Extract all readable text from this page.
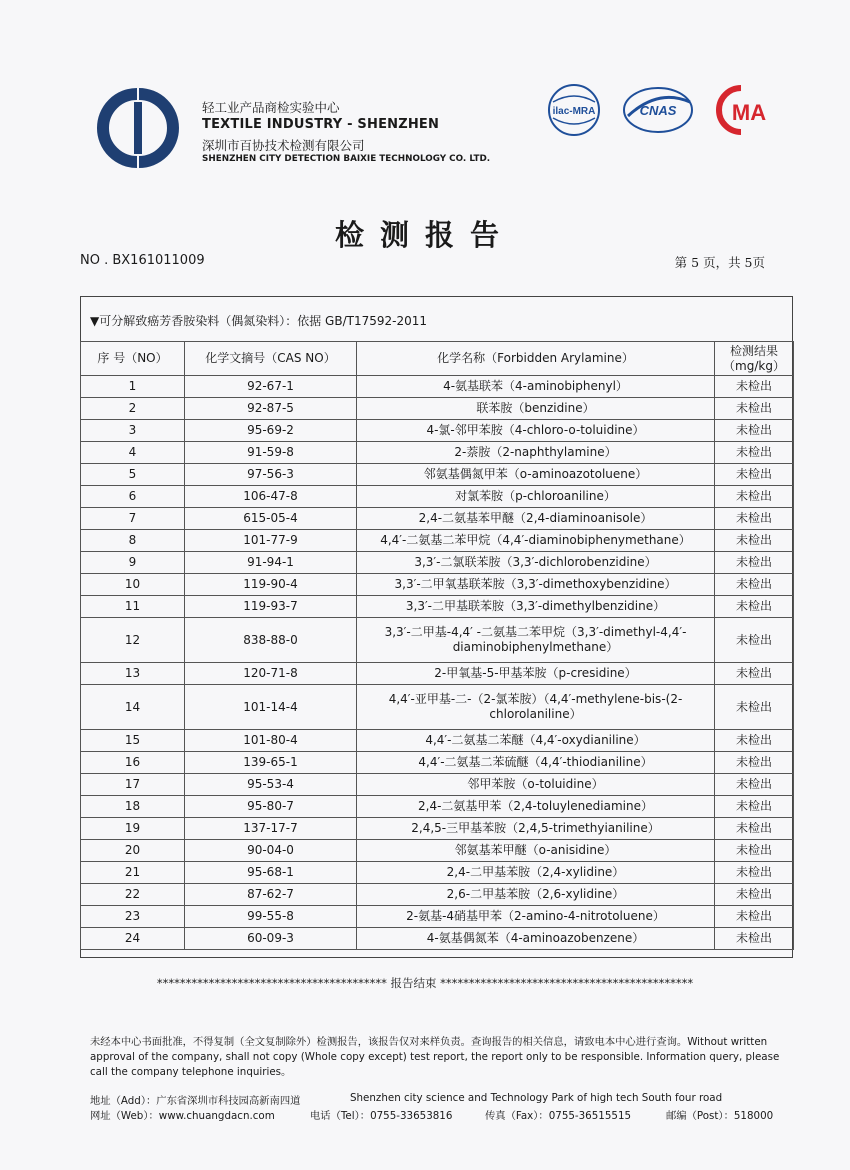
轻工业产品商检实验中心
TEXTILE INDUSTRY - SHENZHEN
深圳市百协技术检测有限公司
SHENZHEN CITY DETECTION BAIXIE TECHNOLOGY CO. LTD.
ilac-MRA	CNAS	MA
检测报告
NO . BX161011009	第 5 页，共 5页
▼可分解致癌芳香胺染料（偶氮染料）：依据 GB/T17592-2011
序 号（NO）	化学文摘号（CAS NO）	化学名称（Forbidden Arylamine）	检测结果（mg/kg）
1	92-67-1	4-氨基联苯（4-aminobiphenyl）	未检出
2	92-87-5	联苯胺（benzidine）	未检出
3	95-69-2	4-氯-邻甲苯胺（4-chloro-o-toluidine）	未检出
4	91-59-8	2-萘胺（2-naphthylamine）	未检出
5	97-56-3	邻氨基偶氮甲苯（o-aminoazotoluene）	未检出
6	106-47-8	对氯苯胺（p-chloroaniline）	未检出
7	615-05-4	2,4-二氨基苯甲醚（2,4-diaminoanisole）	未检出
8	101-77-9	4,4′-二氨基二苯甲烷（4,4′-diaminobiphenymethane）	未检出
9	91-94-1	3,3′-二氯联苯胺（3,3′-dichlorobenzidine）	未检出
10	119-90-4	3,3′-二甲氧基联苯胺（3,3′-dimethoxybenzidine）	未检出
11	119-93-7	3,3′-二甲基联苯胺（3,3′-dimethylbenzidine）	未检出
12	838-88-0	3,3′-二甲基-4,4′ -二氨基二苯甲烷（3,3′-dimethyl-4,4′-diaminobiphenylmethane）	未检出
13	120-71-8	2-甲氧基-5-甲基苯胺（p-cresidine）	未检出
14	101-14-4	4,4′-亚甲基-二-（2-氯苯胺）（4,4′-methylene-bis-(2-chlorolaniline）	未检出
15	101-80-4	4,4′-二氨基二苯醚（4,4′-oxydianiline）	未检出
16	139-65-1	4,4′-二氨基二苯硫醚（4,4′-thiodianiline）	未检出
17	95-53-4	邻甲苯胺（o-toluidine）	未检出
18	95-80-7	2,4-二氨基甲苯（2,4-toluylenediamine）	未检出
19	137-17-7	2,4,5-三甲基苯胺（2,4,5-trimethyianiline）	未检出
20	90-04-0	邻氨基苯甲醚（o-anisidine）	未检出
21	95-68-1	2,4-二甲基苯胺（2,4-xylidine）	未检出
22	87-62-7	2,6-二甲基苯胺（2,6-xylidine）	未检出
23	99-55-8	2-氨基-4硝基甲苯（2-amino-4-nitrotoluene）	未检出
24	60-09-3	4-氨基偶氮苯（4-aminoazobenzene）	未检出
**************************************** 报告结束 ********************************************
未经本中心书面批准，不得复制（全文复制除外）检测报告，该报告仅对来样负责。查询报告的相关信息，请致电本中心进行查询。Without written approval of the company, shall not copy (Whole copy except) test report, the report only to be responsible. Information query, please call the company telephone inquiries。
地址（Add）：广东省深圳市科技园高新南四道	Shenzhen city science and Technology Park of high tech South four road
网址（Web）：www.chuangdacn.com	电话（Tel）：0755-33653816	传真（Fax）：0755-36515515	邮编（Post）：518000
